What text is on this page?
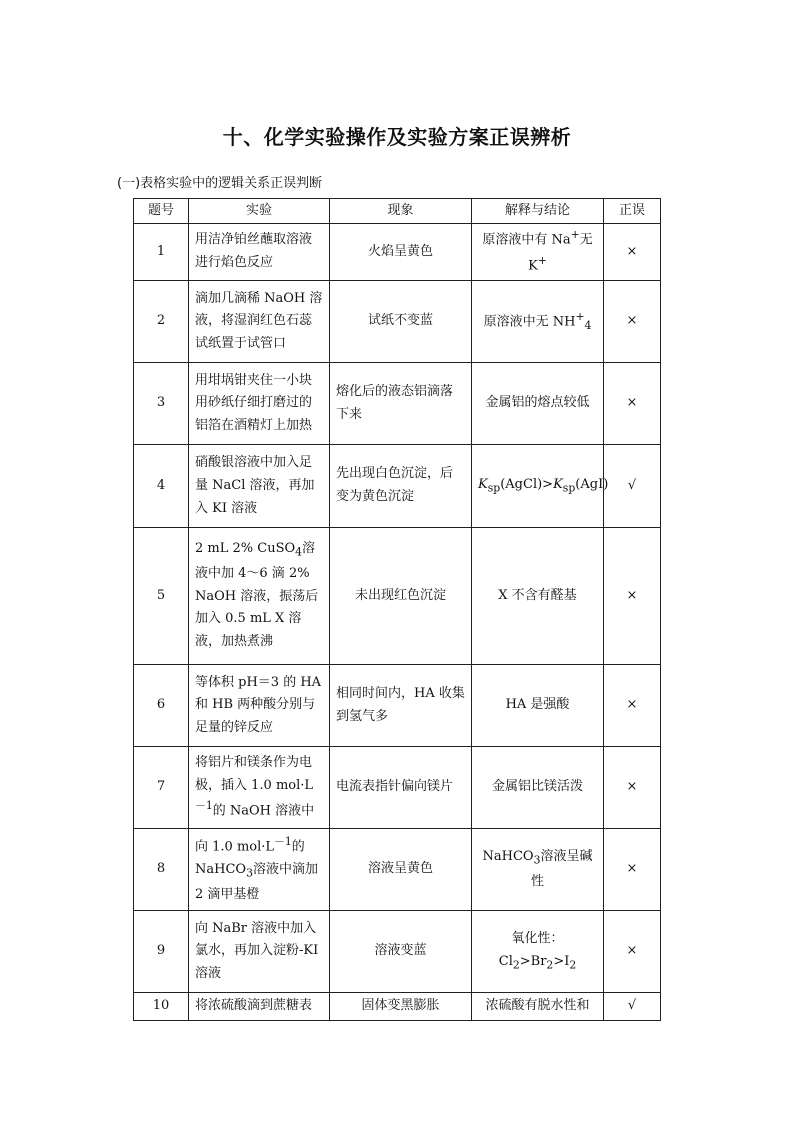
十、化学实验操作及实验方案正误辨析
(一)表格实验中的逻辑关系正误判断
题号	实验	现象	解释与结论	正误
1	用洁净铂丝蘸取溶液进行焰色反应	火焰呈黄色	原溶液中有 Na+无 K+	×
2	滴加几滴稀 NaOH 溶液，将湿润红色石蕊试纸置于试管口	试纸不变蓝	原溶液中无 $NH^+_4$	×
3	用坩埚钳夹住一小块用砂纸仔细打磨过的铝箔在酒精灯上加热	熔化后的液态铝滴落下来	金属铝的熔点较低	×
4	硝酸银溶液中加入足量 NaCl 溶液，再加入 KI 溶液	先出现白色沉淀，后变为黄色沉淀	$K_{sp}(AgCl)>K_{sp}(AgI)$	√
5	2 mL 2% CuSO$_4$溶液中加 4～6 滴 2% NaOH 溶液，振荡后加入 0.5 mL X 溶液，加热煮沸	未出现红色沉淀	X 不含有醛基	×
6	等体积 pH＝3 的 HA 和 HB 两种酸分别与足量的锌反应	相同时间内，HA 收集到氢气多	HA 是强酸	×
7	将铝片和镁条作为电极，插入 1.0 $mol\cdot L^{-1}$的 NaOH 溶液中	电流表指针偏向镁片	金属铝比镁活泼	×
8	向 1.0 $mol\cdot L^{-1}$的 NaHCO$_3$溶液中滴加 2 滴甲基橙	溶液呈黄色	NaHCO$_3$溶液呈碱性	×
9	向 NaBr 溶液中加入氯水，再加入淀粉-KI 溶液	溶液变蓝	氧化性：$Cl_2>Br_2>I_2$	×
10	将浓硫酸滴到蔗糖表	固体变黑膨胀	浓硫酸有脱水性和	√
